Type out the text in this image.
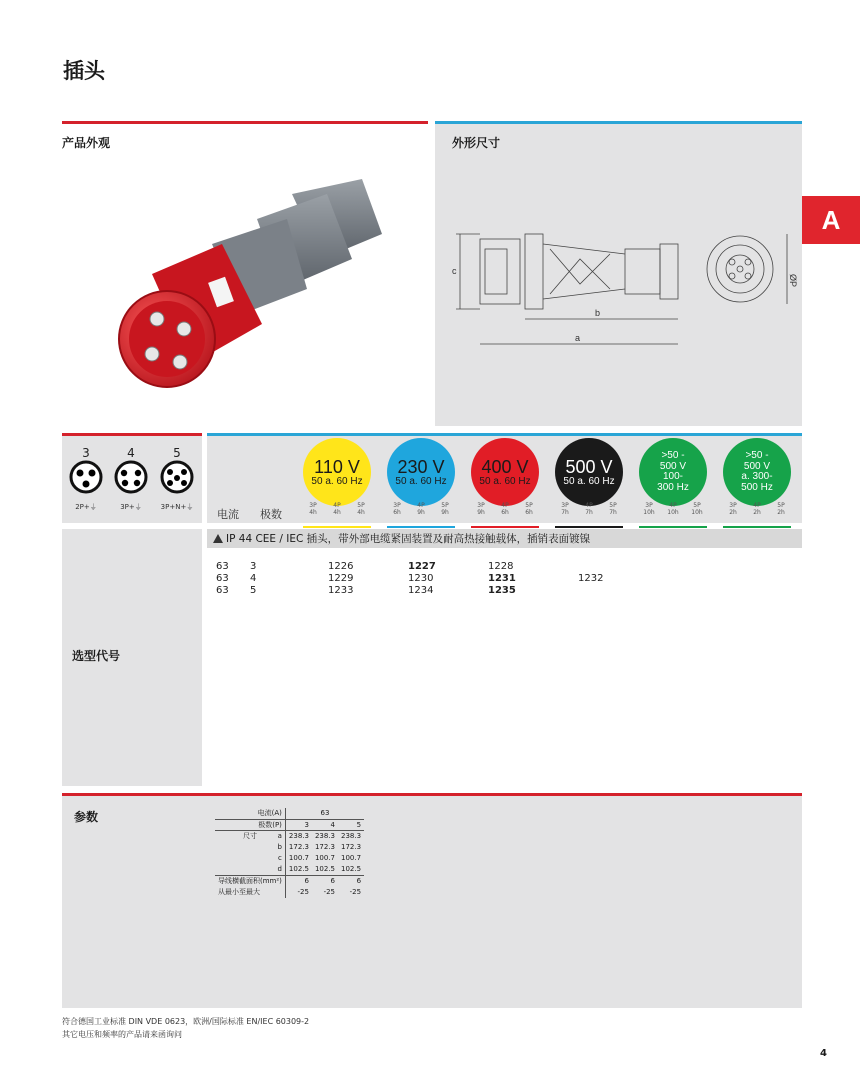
插头
A
产品外观	外形尺寸
c
b
a
ØP
3
2P+⏚
4
3P+⏚
5
3P+N+⏚
电流 极数
110 V
50 a. 60 Hz
3P
4h
4P
4h
5P
4h
230 V
50 a. 60 Hz
3P
6h
4P
9h
5P
9h
400 V
50 a. 60 Hz
3P
9h
4P
6h
5P
6h
500 V
50 a. 60 Hz
3P
7h
4P
7h
5P
7h
>50 -
500 V
100-
300 Hz
3P
10h
4P
10h
5P
10h
>50 -
500 V
a. 300-
500 Hz
3P
2h
4P
2h
5P
2h
IP 44 CEE / IEC 插头，带外部电缆紧固装置及耐高热接触载体，插销表面镀镍
选型代号
63 3	1226	1227	1228
63 4	1229	1230	1231	1232
63 5	1233	1234	1235
参数	电流(A)		63		
极数(P)		3	4	5
尺寸	a	238.3	238.3	238.3
	b	172.3	172.3	172.3
	c	100.7	100.7	100.7
	d	102.5	102.5	102.5
导线横截面积(mm²)		6	6	6
从最小至最大		-25	-25	-25
符合德国工业标准 DIN VDE 0623，欧洲/国际标准 EN/IEC 60309-2
其它电压和频率的产品请来函询问
4
